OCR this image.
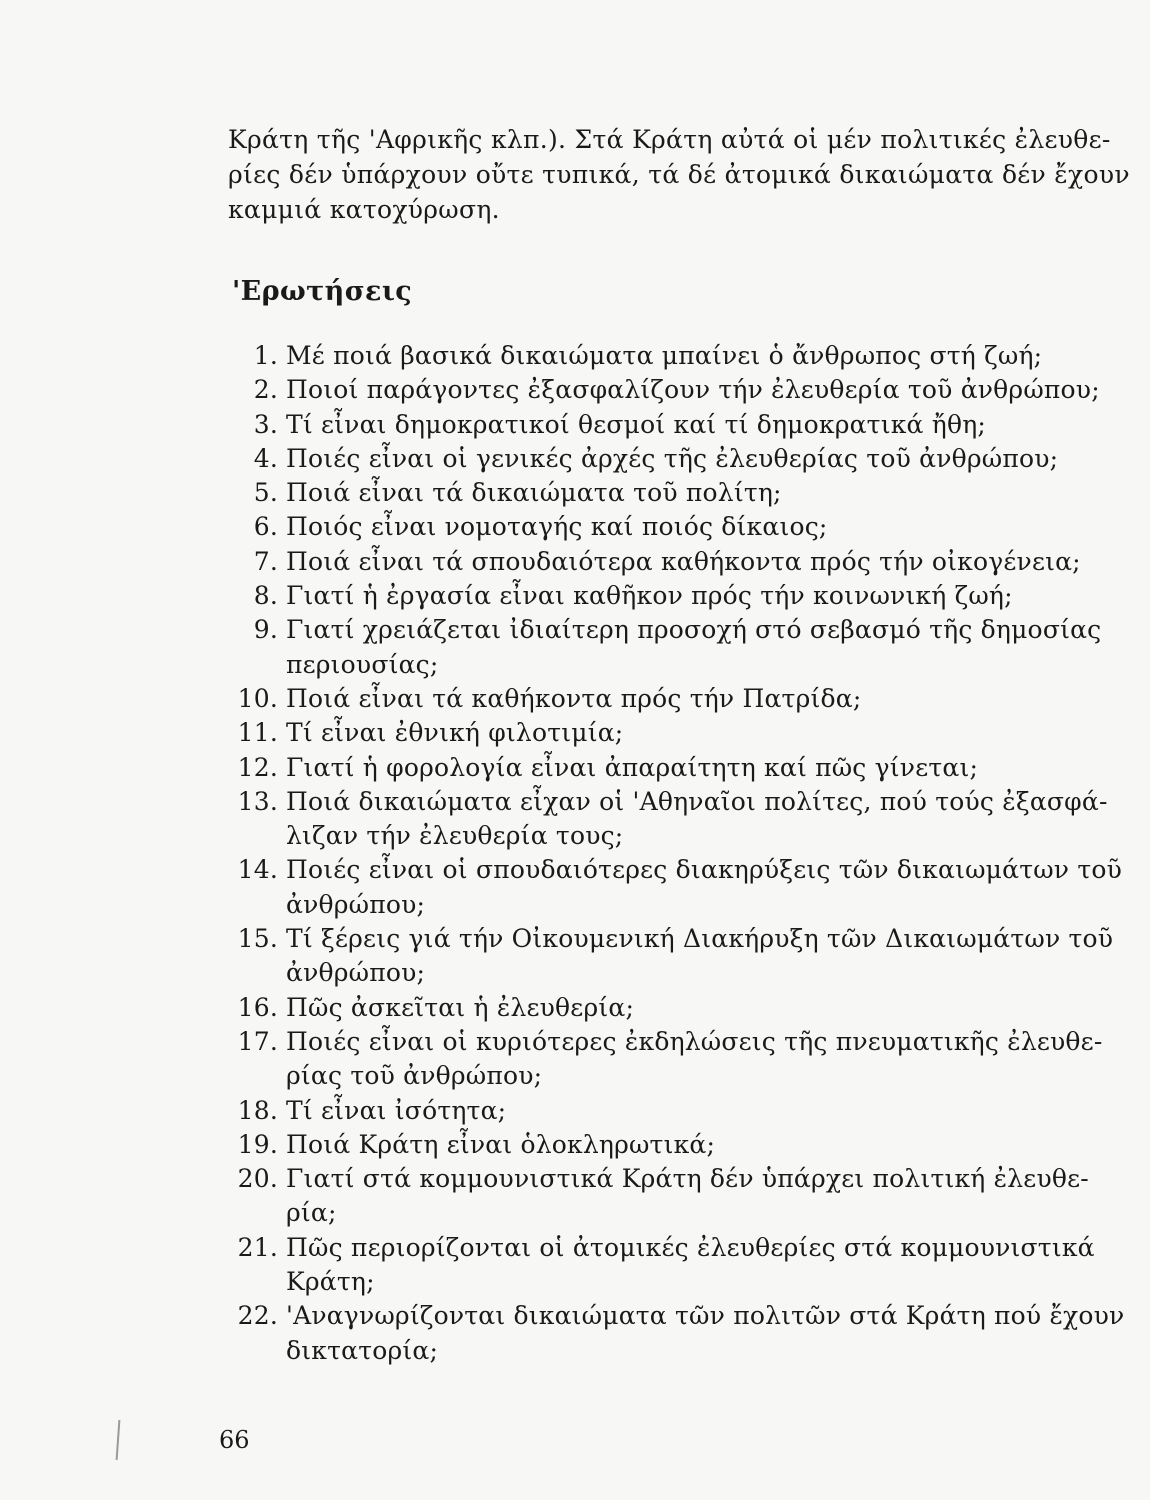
Κράτη τῆς 'Αφρικῆς κλπ.). Στά Κράτη αὐτά οἱ μέν πολιτικές ἐλευθε-
ρίες δέν ὑπάρχουν οὔτε τυπικά, τά δέ ἀτομικά δικαιώματα δέν ἔχουν
καμμιά κατοχύρωση.
'Ερωτήσεις
1. Μέ ποιά βασικά δικαιώματα μπαίνει ὁ ἄνθρωπος στή ζωή;
2. Ποιοί παράγοντες ἐξασφαλίζουν τήν ἐλευθερία τοῦ ἀνθρώπου;
3. Τί εἶναι δημοκρατικοί θεσμοί καί τί δημοκρατικά ἤθη;
4. Ποιές εἶναι οἱ γενικές ἀρχές τῆς ἐλευθερίας τοῦ ἀνθρώπου;
5. Ποιά εἶναι τά δικαιώματα τοῦ πολίτη;
6. Ποιός εἶναι νομοταγής καί ποιός δίκαιος;
7. Ποιά εἶναι τά σπουδαιότερα καθήκοντα πρός τήν οἰκογένεια;
8. Γιατί ἡ ἐργασία εἶναι καθῆκον πρός τήν κοινωνική ζωή;
9. Γιατί χρειάζεται ἰδιαίτερη προσοχή στό σεβασμό τῆς δημοσίας
περιουσίας;
10. Ποιά εἶναι τά καθήκοντα πρός τήν Πατρίδα;
11. Τί εἶναι ἐθνική φιλοτιμία;
12. Γιατί ἡ φορολογία εἶναι ἀπαραίτητη καί πῶς γίνεται;
13. Ποιά δικαιώματα εἶχαν οἱ 'Αθηναῖοι πολίτες, πού τούς ἐξασφά-
λιζαν τήν ἐλευθερία τους;
14. Ποιές εἶναι οἱ σπουδαιότερες διακηρύξεις τῶν δικαιωμάτων τοῦ
ἀνθρώπου;
15. Τί ξέρεις γιά τήν Οἰκουμενική Διακήρυξη τῶν Δικαιωμάτων τοῦ
ἀνθρώπου;
16. Πῶς ἀσκεῖται ἡ ἐλευθερία;
17. Ποιές εἶναι οἱ κυριότερες ἐκδηλώσεις τῆς πνευματικῆς ἐλευθε-
ρίας τοῦ ἀνθρώπου;
18. Τί εἶναι ἰσότητα;
19. Ποιά Κράτη εἶναι ὁλοκληρωτικά;
20. Γιατί στά κομμουνιστικά Κράτη δέν ὑπάρχει πολιτική ἐλευθε-
ρία;
21. Πῶς περιορίζονται οἱ ἀτομικές ἐλευθερίες στά κομμουνιστικά
Κράτη;
22. 'Αναγνωρίζονται δικαιώματα τῶν πολιτῶν στά Κράτη πού ἔχουν
δικτατορία;
66
